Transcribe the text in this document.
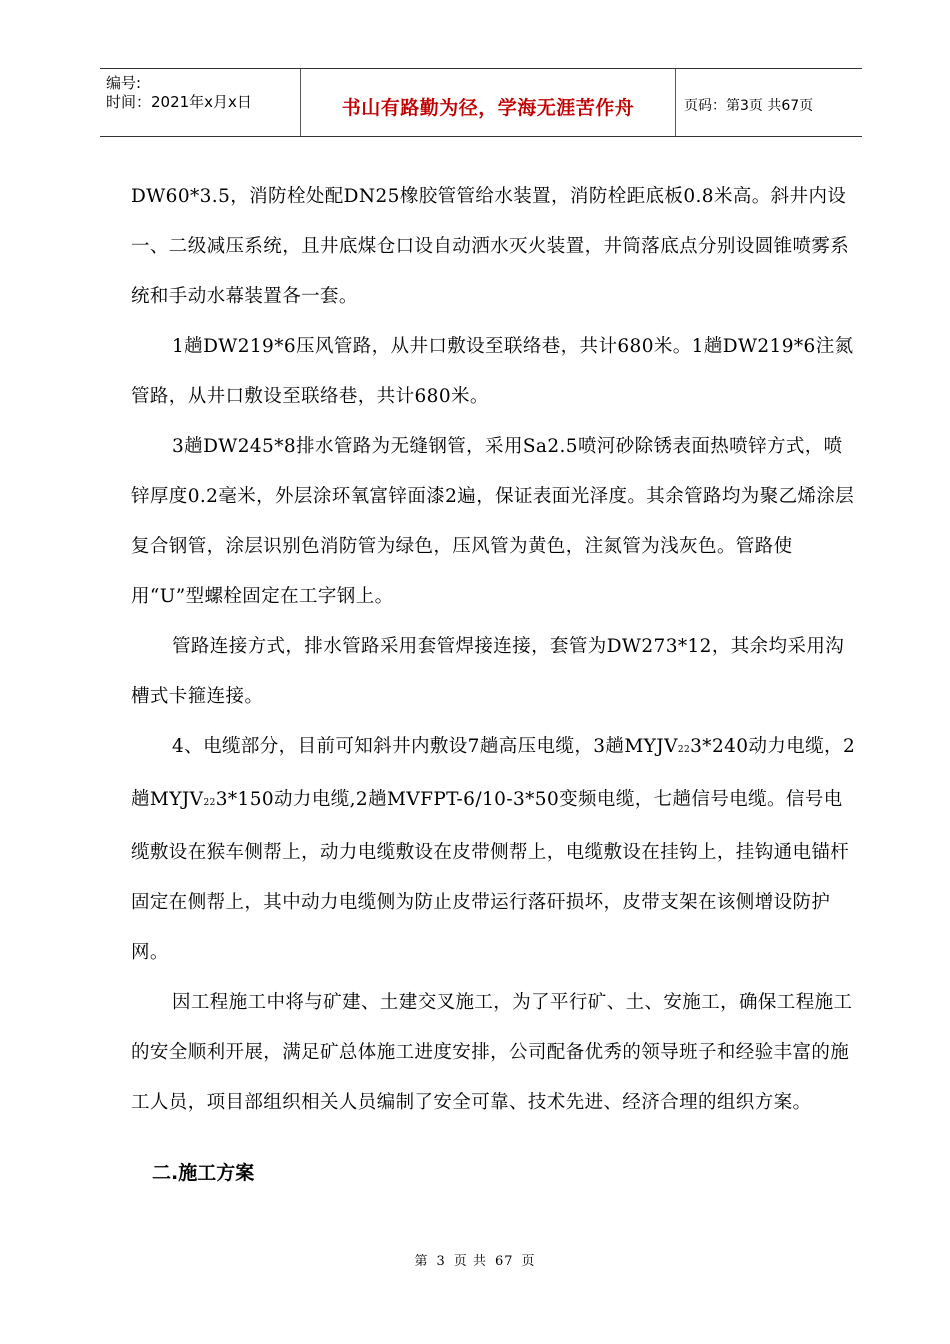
编号:
时间：2021年x月x日	书山有路勤为径，学海无涯苦作舟	页码：第3页 共67页

DW60*3.5，消防栓处配DN25橡胶管管给水装置，消防栓距底板0.8米高。斜井内设一、二级减压系统，且井底煤仓口设自动洒水灭火装置，井筒落底点分别设圆锥喷雾系统和手动水幕装置各一套。

1趟DW219*6压风管路，从井口敷设至联络巷，共计680米。1趟DW219*6注氮管路，从井口敷设至联络巷，共计680米。

3趟DW245*8排水管路为无缝钢管，采用Sa2.5喷河砂除锈表面热喷锌方式，喷锌厚度0.2毫米，外层涂环氧富锌面漆2遍，保证表面光泽度。其余管路均为聚乙烯涂层复合钢管，涂层识别色消防管为绿色，压风管为黄色，注氮管为浅灰色。管路使用“U”型螺栓固定在工字钢上。

管路连接方式，排水管路采用套管焊接连接，套管为DW273*12，其余均采用沟槽式卡箍连接。

4、电缆部分，目前可知斜井内敷设7趟高压电缆，3趟MYJV223*240动力电缆，2趟MYJV223*150动力电缆,2趟MVFPT-6/10-3*50变频电缆，七趟信号电缆。信号电缆敷设在猴车侧帮上，动力电缆敷设在皮带侧帮上，电缆敷设在挂钩上，挂钩通电锚杆固定在侧帮上，其中动力电缆侧为防止皮带运行落矸损坏，皮带支架在该侧增设防护网。

因工程施工中将与矿建、土建交叉施工，为了平行矿、土、安施工，确保工程施工的安全顺利开展，满足矿总体施工进度安排，公司配备优秀的领导班子和经验丰富的施工人员，项目部组织相关人员编制了安全可靠、技术先进、经济合理的组织方案。

二.施工方案
第 3 页 共 67 页
